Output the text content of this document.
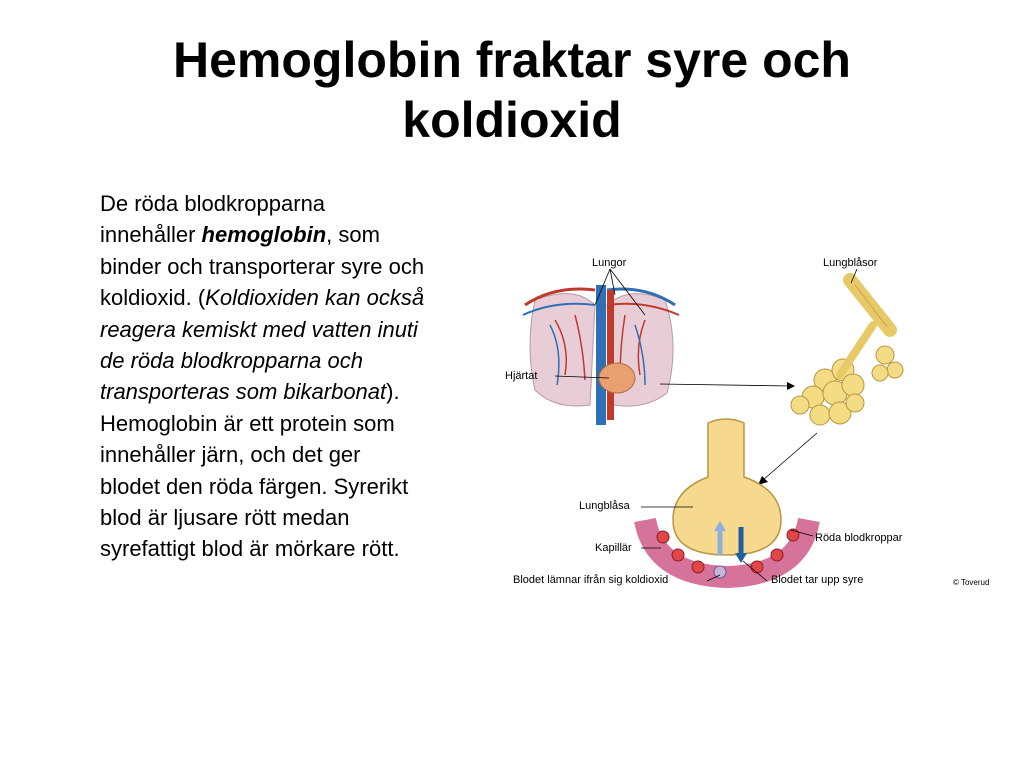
Hemoglobin fraktar syre och
koldioxid

De röda blodkropparna innehåller hemoglobin, som binder och transporterar syre och koldioxid. (Koldioxiden kan också reagera kemiskt med vatten inuti de röda blodkropparna och transporteras som bikarbonat). Hemoglobin är ett protein som innehåller järn, och det ger blodet den röda färgen. Syrerikt blod är ljusare rött medan syrefattigt blod är mörkare rött.

Lungor	Lungblåsor
Hjärtat
Lungblåsa
Kapillär
Röda blodkroppar
Blodet lämnar ifrån sig koldioxid	Blodet tar upp syre	© Toverud
